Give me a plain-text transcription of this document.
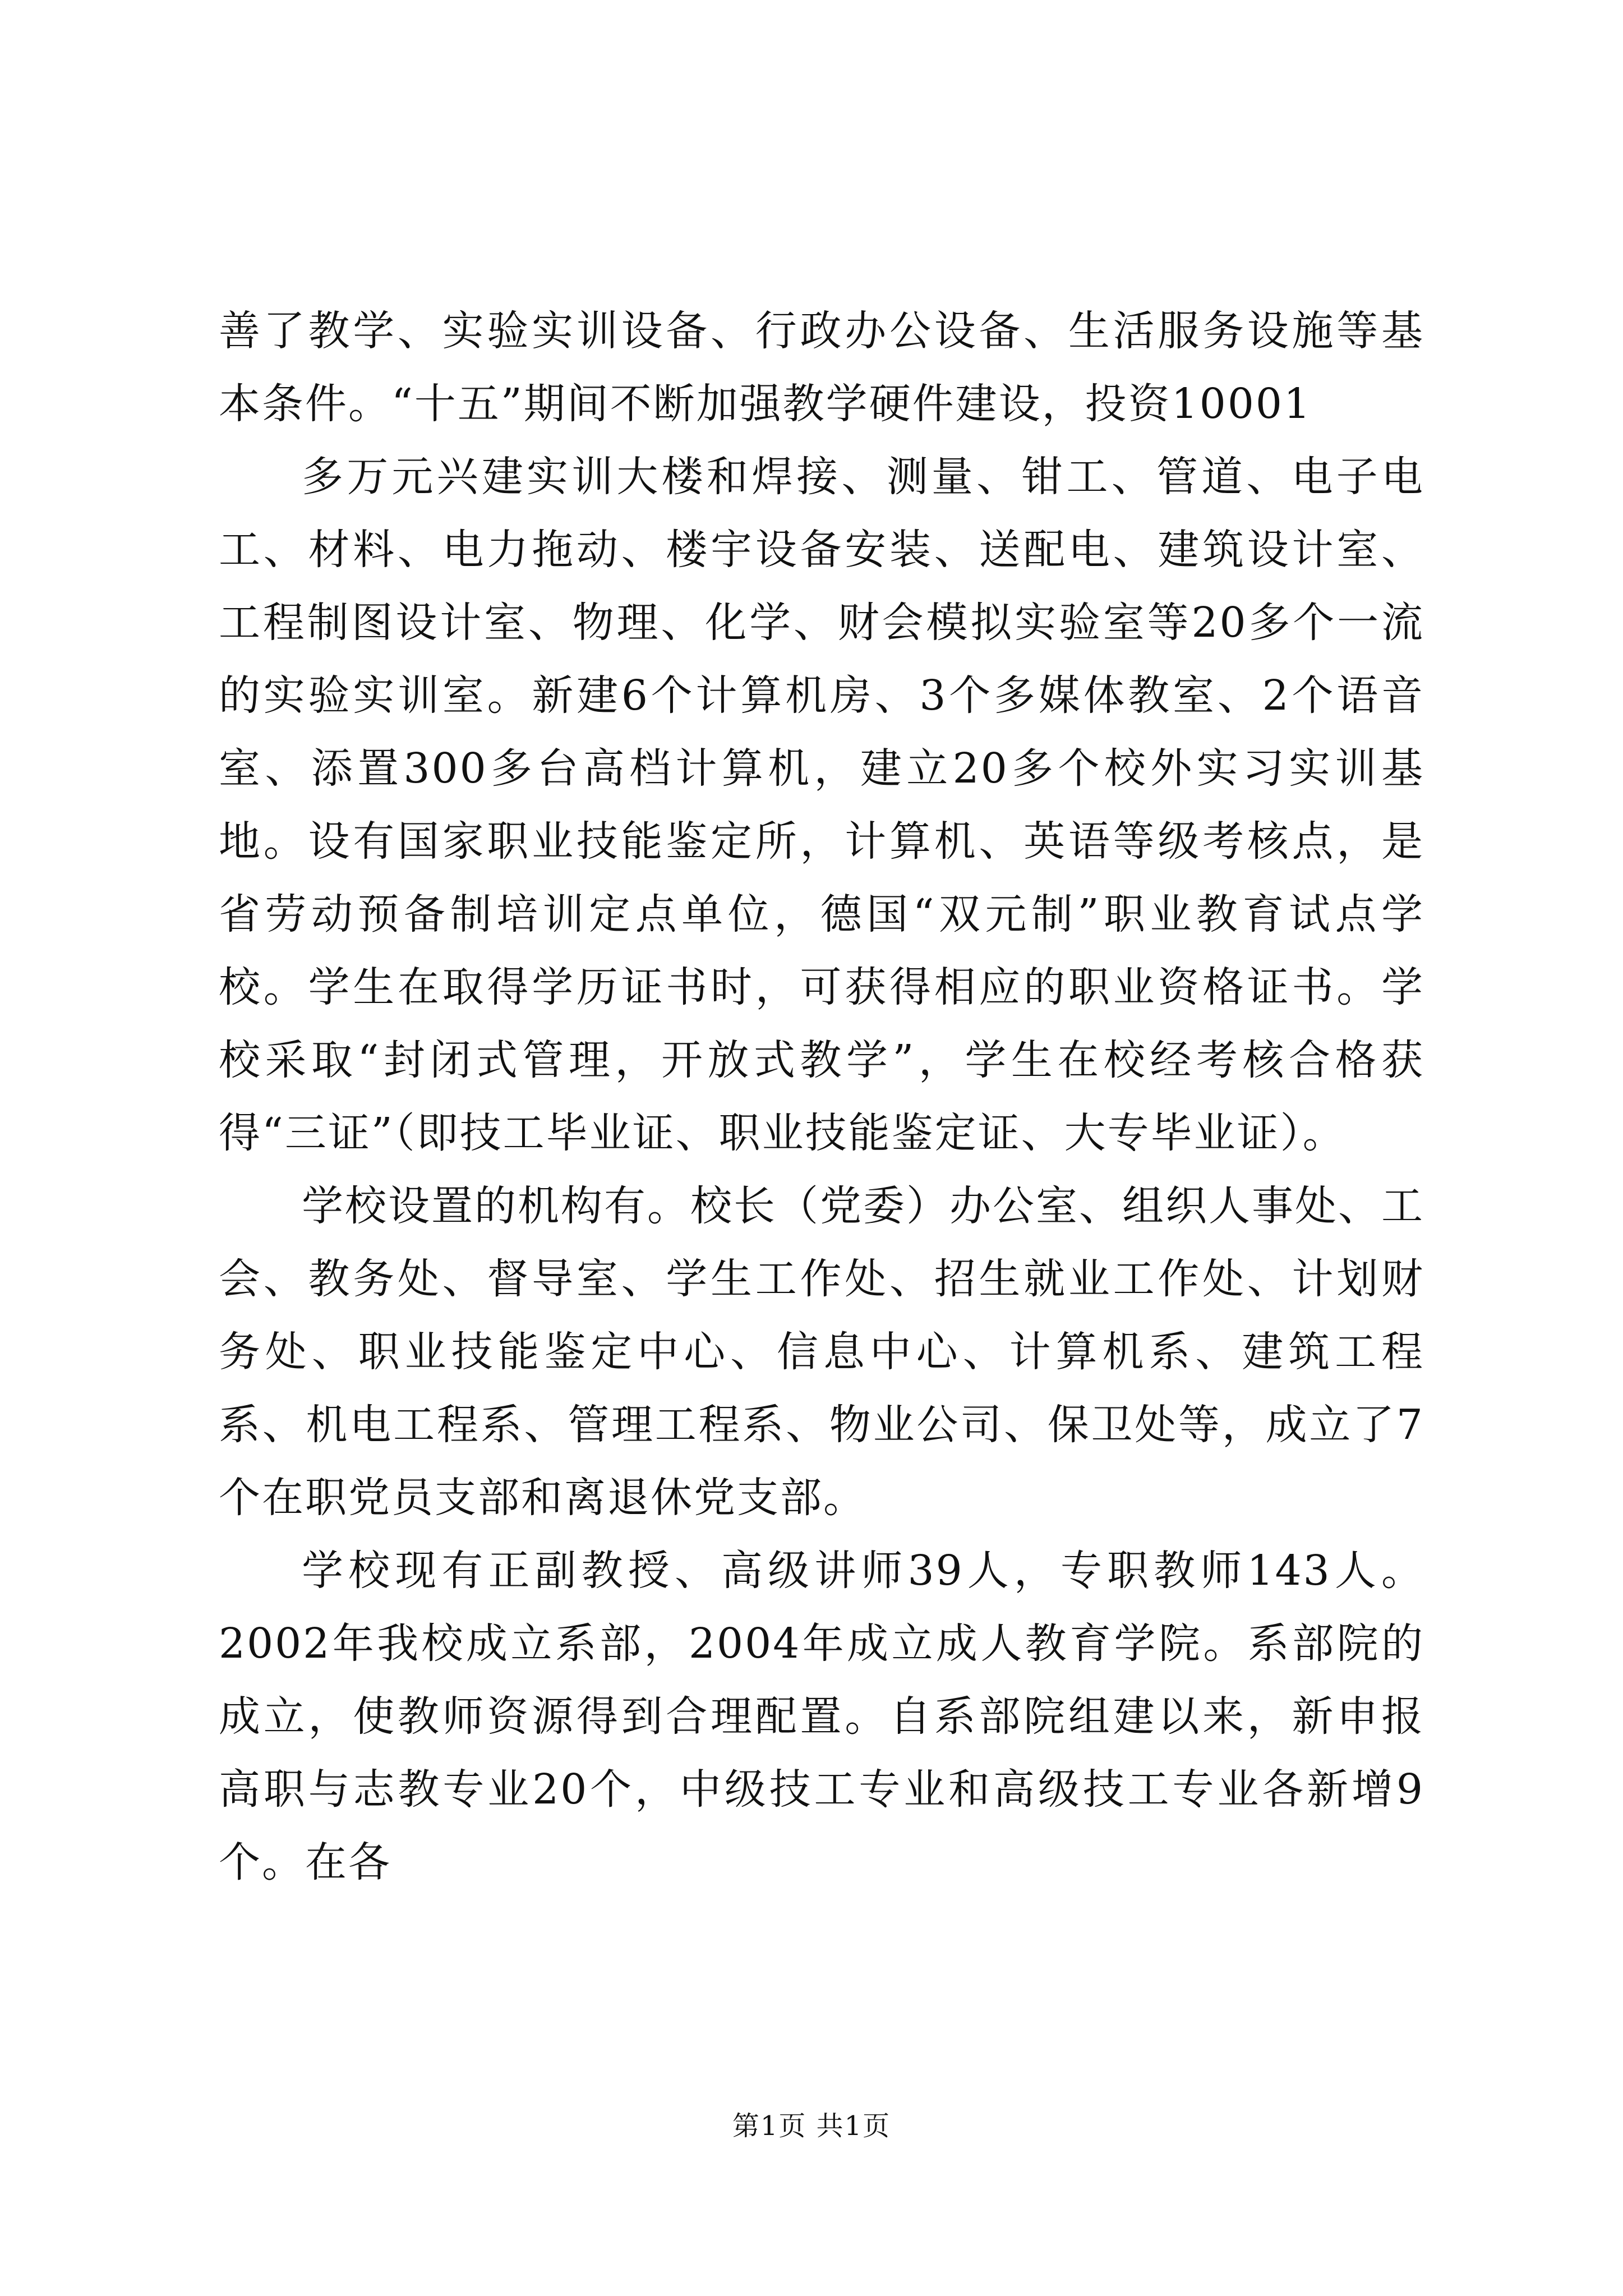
善了教学、实验实训设备、行政办公设备、生活服务设施等基本条件。“十五”期间不断加强教学硬件建设，投资10001

多万元兴建实训大楼和焊接、测量、钳工、管道、电子电工、材料、电力拖动、楼宇设备安装、送配电、建筑设计室、工程制图设计室、物理、化学、财会模拟实验室等20多个一流的实验实训室。新建6个计算机房、3个多媒体教室、2个语音室、添置300多台高档计算机，建立20多个校外实习实训基地。设有国家职业技能鉴定所，计算机、英语等级考核点，是省劳动预备制培训定点单位，德国“双元制”职业教育试点学校。学生在取得学历证书时，可获得相应的职业资格证书。学校采取“封闭式管理，开放式教学”，学生在校经考核合格获得“三证”（即技工毕业证、职业技能鉴定证、大专毕业证）。

学校设置的机构有。校长（党委）办公室、组织人事处、工会、教务处、督导室、学生工作处、招生就业工作处、计划财务处、职业技能鉴定中心、信息中心、计算机系、建筑工程系、机电工程系、管理工程系、物业公司、保卫处等，成立了7个在职党员支部和离退休党支部。

学校现有正副教授、高级讲师39人，专职教师143人。2002年我校成立系部，2004年成立成人教育学院。系部院的成立，使教师资源得到合理配置。自系部院组建以来，新申报高职与志教专业20个，中级技工专业和高级技工专业各新增9个。在各

第1页 共1页
